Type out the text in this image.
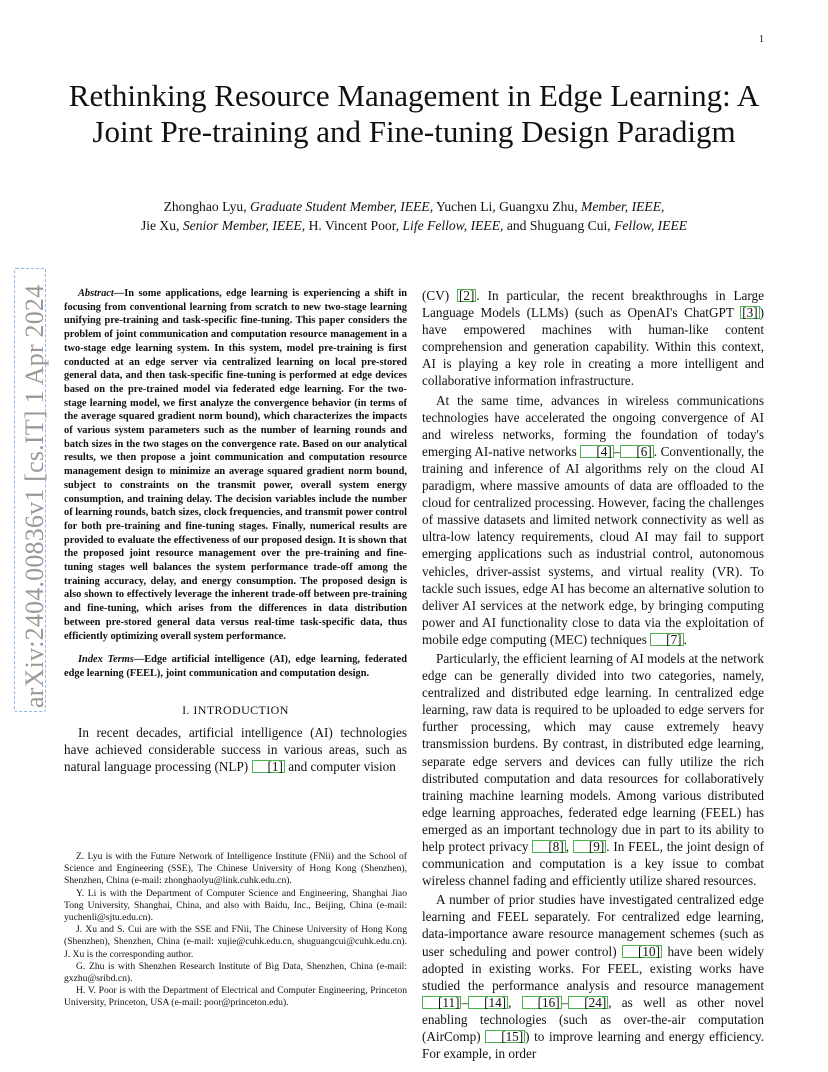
1
Rethinking Resource Management in Edge Learning: A Joint Pre-training and Fine-tuning Design Paradigm
Zhonghao Lyu, Graduate Student Member, IEEE, Yuchen Li, Guangxu Zhu, Member, IEEE,
Jie Xu, Senior Member, IEEE, H. Vincent Poor, Life Fellow, IEEE, and Shuguang Cui, Fellow, IEEE
arXiv:2404.00836v1 [cs.IT] 1 Apr 2024	Abstract—In some applications, edge learning is experiencing a shift in focusing from conventional learning from scratch to new two-stage learning unifying pre-training and task-specific fine-tuning. This paper considers the problem of joint communication and computation resource management in a two-stage edge learning system. In this system, model pre-training is first conducted at an edge server via centralized learning on local pre-stored general data, and then task-specific fine-tuning is performed at edge devices based on the pre-trained model via federated edge learning. For the two-stage learning model, we first analyze the convergence behavior (in terms of the average squared gradient norm bound), which characterizes the impacts of various system parameters such as the number of learning rounds and batch sizes in the two stages on the convergence rate. Based on our analytical results, we then propose a joint communication and computation resource management design to minimize an average squared gradient norm bound, subject to constraints on the transmit power, overall system energy consumption, and training delay. The decision variables include the number of learning rounds, batch sizes, clock frequencies, and transmit power control for both pre-training and fine-tuning stages. Finally, numerical results are provided to evaluate the effectiveness of our proposed design. It is shown that the proposed joint resource management over the pre-training and fine-tuning stages well balances the system performance trade-off among the training accuracy, delay, and energy consumption. The proposed design is also shown to effectively leverage the inherent trade-off between pre-training and fine-tuning, which arises from the differences in data distribution between pre-stored general data versus real-time task-specific data, thus efficiently optimizing overall system performance.

Index Terms—Edge artificial intelligence (AI), edge learning, federated edge learning (FEEL), joint communication and computation design.

I. INTRODUCTION

In recent decades, artificial intelligence (AI) technologies have achieved considerable success in various areas, such as natural language processing (NLP) [1] and computer vision

Z. Lyu is with the Future Network of Intelligence Institute (FNii) and the School of Science and Engineering (SSE), The Chinese University of Hong Kong (Shenzhen), Shenzhen, China (e-mail: zhonghaolyu@link.cuhk.edu.cn).

Y. Li is with the Department of Computer Science and Engineering, Shanghai Jiao Tong University, Shanghai, China, and also with Baidu, Inc., Beijing, China (e-mail: yuchenli@sjtu.edu.cn).

J. Xu and S. Cui are with the SSE and FNii, The Chinese University of Hong Kong (Shenzhen), Shenzhen, China (e-mail: xujie@cuhk.edu.cn, shuguangcui@cuhk.edu.cn). J. Xu is the corresponding author.

G. Zhu is with Shenzhen Research Institute of Big Data, Shenzhen, China (e-mail: gxzhu@sribd.cn).

H. V. Poor is with the Department of Electrical and Computer Engineering, Princeton University, Princeton, USA (e-mail: poor@princeton.edu).

(CV) [2] . In particular, the recent breakthroughs in Large Language Models (LLMs) (such as OpenAI's ChatGPT [3] ) have empowered machines with human-like content comprehension and generation capability. Within this context, AI is playing a key role in creating a more intelligent and collaborative information infrastructure.

At the same time, advances in wireless communications technologies have accelerated the ongoing convergence of AI and wireless networks, forming the foundation of today's emerging AI-native networks [4] – [6] . Conventionally, the training and inference of AI algorithms rely on the cloud AI paradigm, where massive amounts of data are offloaded to the cloud for centralized processing. However, facing the challenges of massive datasets and limited network connectivity as well as ultra-low latency requirements, cloud AI may fail to support emerging applications such as industrial control, autonomous vehicles, driver-assist systems, and virtual reality (VR). To tackle such issues, edge AI has become an alternative solution to deliver AI services at the network edge, by bringing computing power and AI functionality close to data via the exploitation of mobile edge computing (MEC) techniques [7] .

Particularly, the efficient learning of AI models at the network edge can be generally divided into two categories, namely, centralized and distributed edge learning. In centralized edge learning, raw data is required to be uploaded to edge servers for further processing, which may cause extremely heavy transmission burdens. By contrast, in distributed edge learning, separate edge servers and devices can fully utilize the rich distributed computation and data resources for collaboratively training machine learning models. Among various distributed edge learning approaches, federated edge learning (FEEL) has emerged as an important technology due in part to its ability to help protect privacy [8] , [9] . In FEEL, the joint design of communication and computation is a key issue to combat wireless channel fading and efficiently utilize shared resources.

A number of prior studies have investigated centralized edge learning and FEEL separately. For centralized edge learning, data-importance aware resource management schemes (such as user scheduling and power control) [10] have been widely adopted in existing works. For FEEL, existing works have studied the performance analysis and resource management [11] – [14] , [16] – [24] , as well as other novel enabling technologies (such as over-the-air computation (AirComp) [15] ) to improve learning and energy efficiency. For example, in order
